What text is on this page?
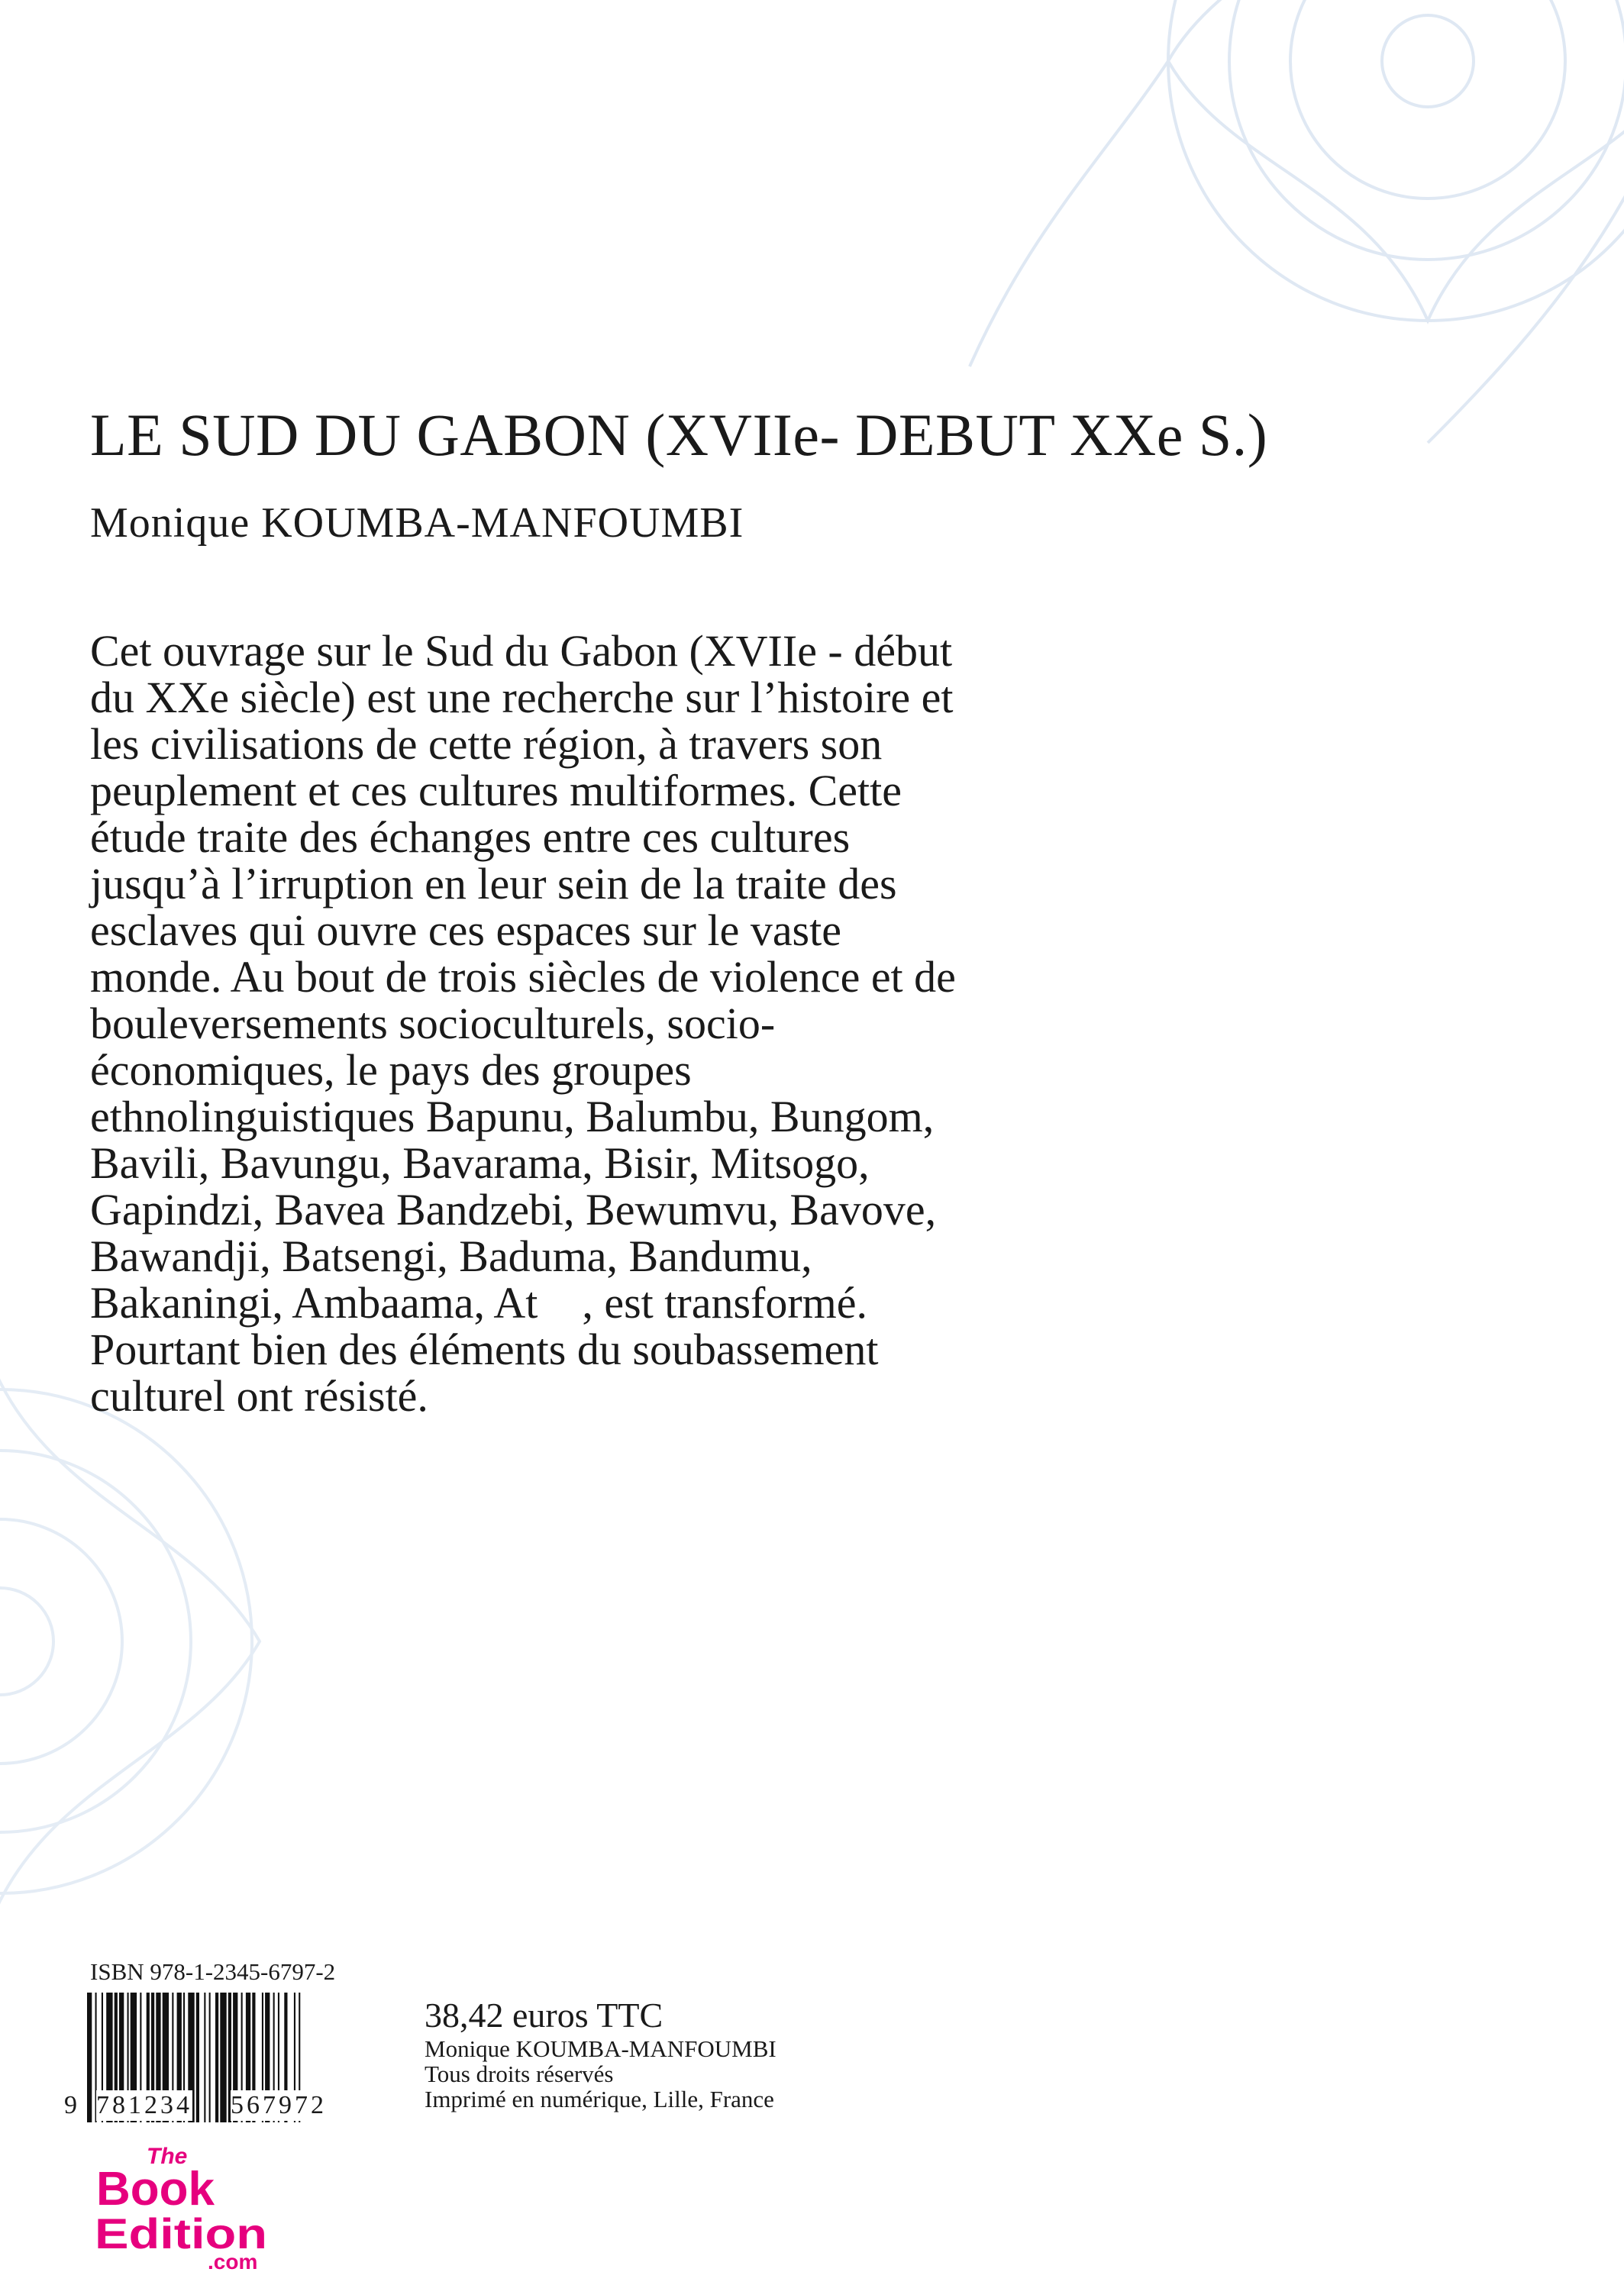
LE SUD DU GABON (XVIIe- DEBUT XXe S.)
Monique KOUMBA-MANFOUMBI
Cet ouvrage sur le Sud du Gabon (XVIIe - début
du XXe siècle) est une recherche sur l’histoire et
les civilisations de cette région, à travers son
peuplement et ces cultures multiformes. Cette
étude traite des échanges entre ces cultures
jusqu’à l’irruption en leur sein de la traite des
esclaves qui ouvre ces espaces sur le vaste
monde. Au bout de trois siècles de violence et de
bouleversements socioculturels, socio-
économiques, le pays des groupes
ethnolinguistiques Bapunu, Balumbu, Bungom,
Bavili, Bavungu, Bavarama, Bisir, Mitsogo,
Gapindzi, Bavea Bandzebi, Bewumvu, Bavove,
Bawandji, Batsengi, Baduma, Bandumu,
Bakaningi, Ambaama, At    , est transformé.
Pourtant bien des éléments du soubassement
culturel ont résisté.
ISBN 978-1-2345-6797-2
9 781234 567972
38,42 euros TTC
Monique KOUMBA-MANFOUMBI
Tous droits réservés
Imprimé en numérique, Lille, France
The
Book
Edition
.com
